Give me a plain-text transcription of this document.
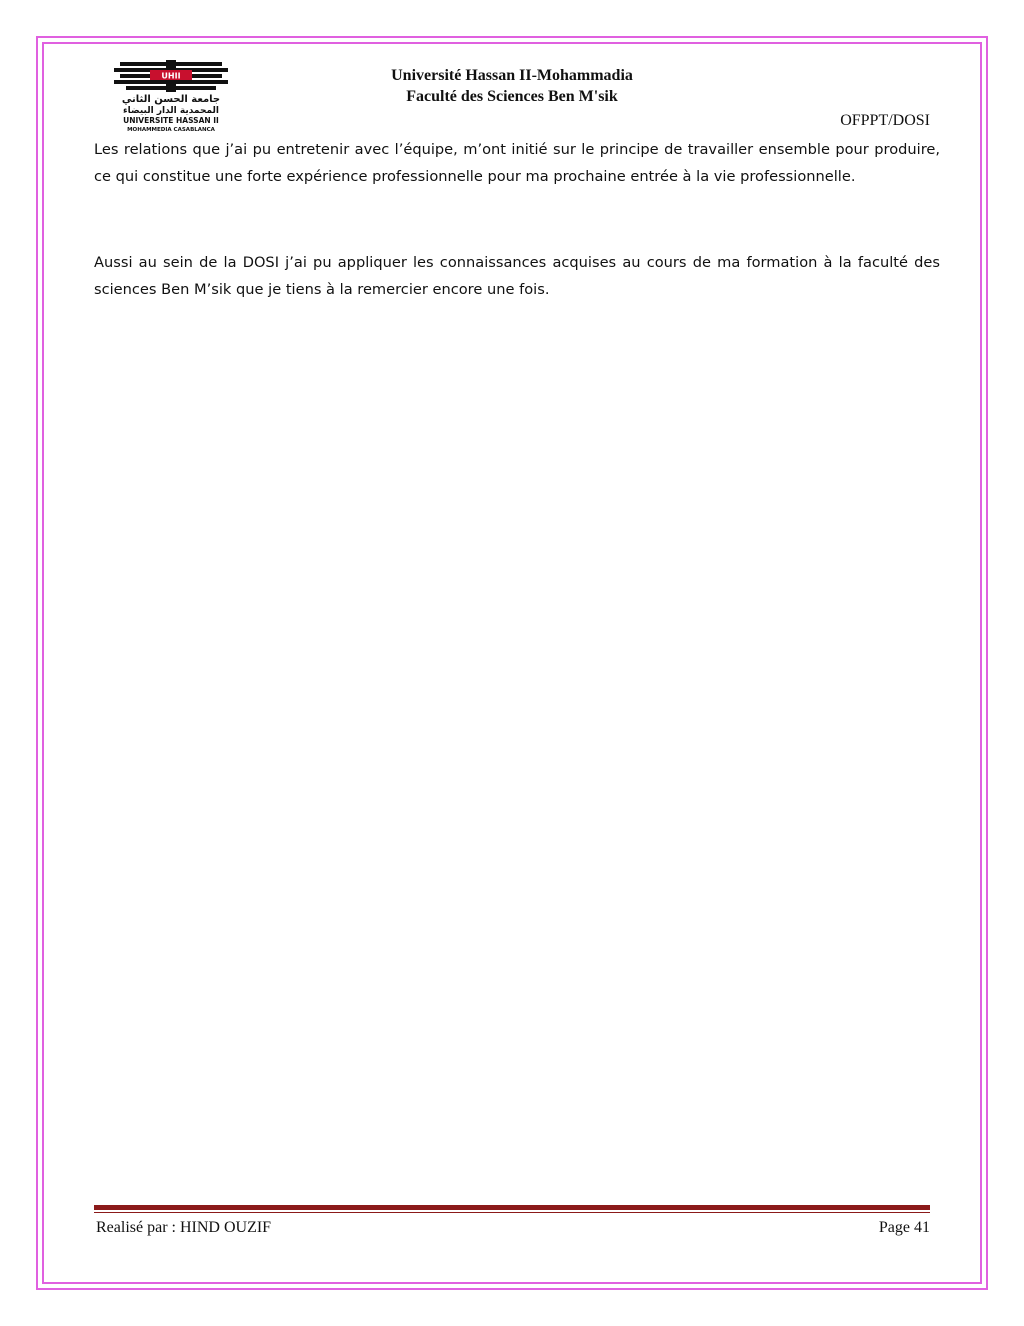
UHII
جامعة الحسن الثاني
المحمدية الدار البيضاء
UNIVERSITE HASSAN II
MOHAMMEDIA CASABLANCA
Université Hassan II-Mohammadia
Faculté des Sciences Ben M'sik
OFPPT/DOSI

Les relations que j’ai pu entretenir avec l’équipe, m’ont initié sur le principe de travailler ensemble pour produire, ce qui constitue une forte expérience professionnelle pour ma prochaine entrée à la vie professionnelle.

Aussi au sein de la DOSI j’ai pu appliquer les connaissances acquises au cours de ma formation à la faculté des sciences Ben M’sik que je tiens à la remercier encore une fois.

Realisé par : HIND OUZIF	Page 41
